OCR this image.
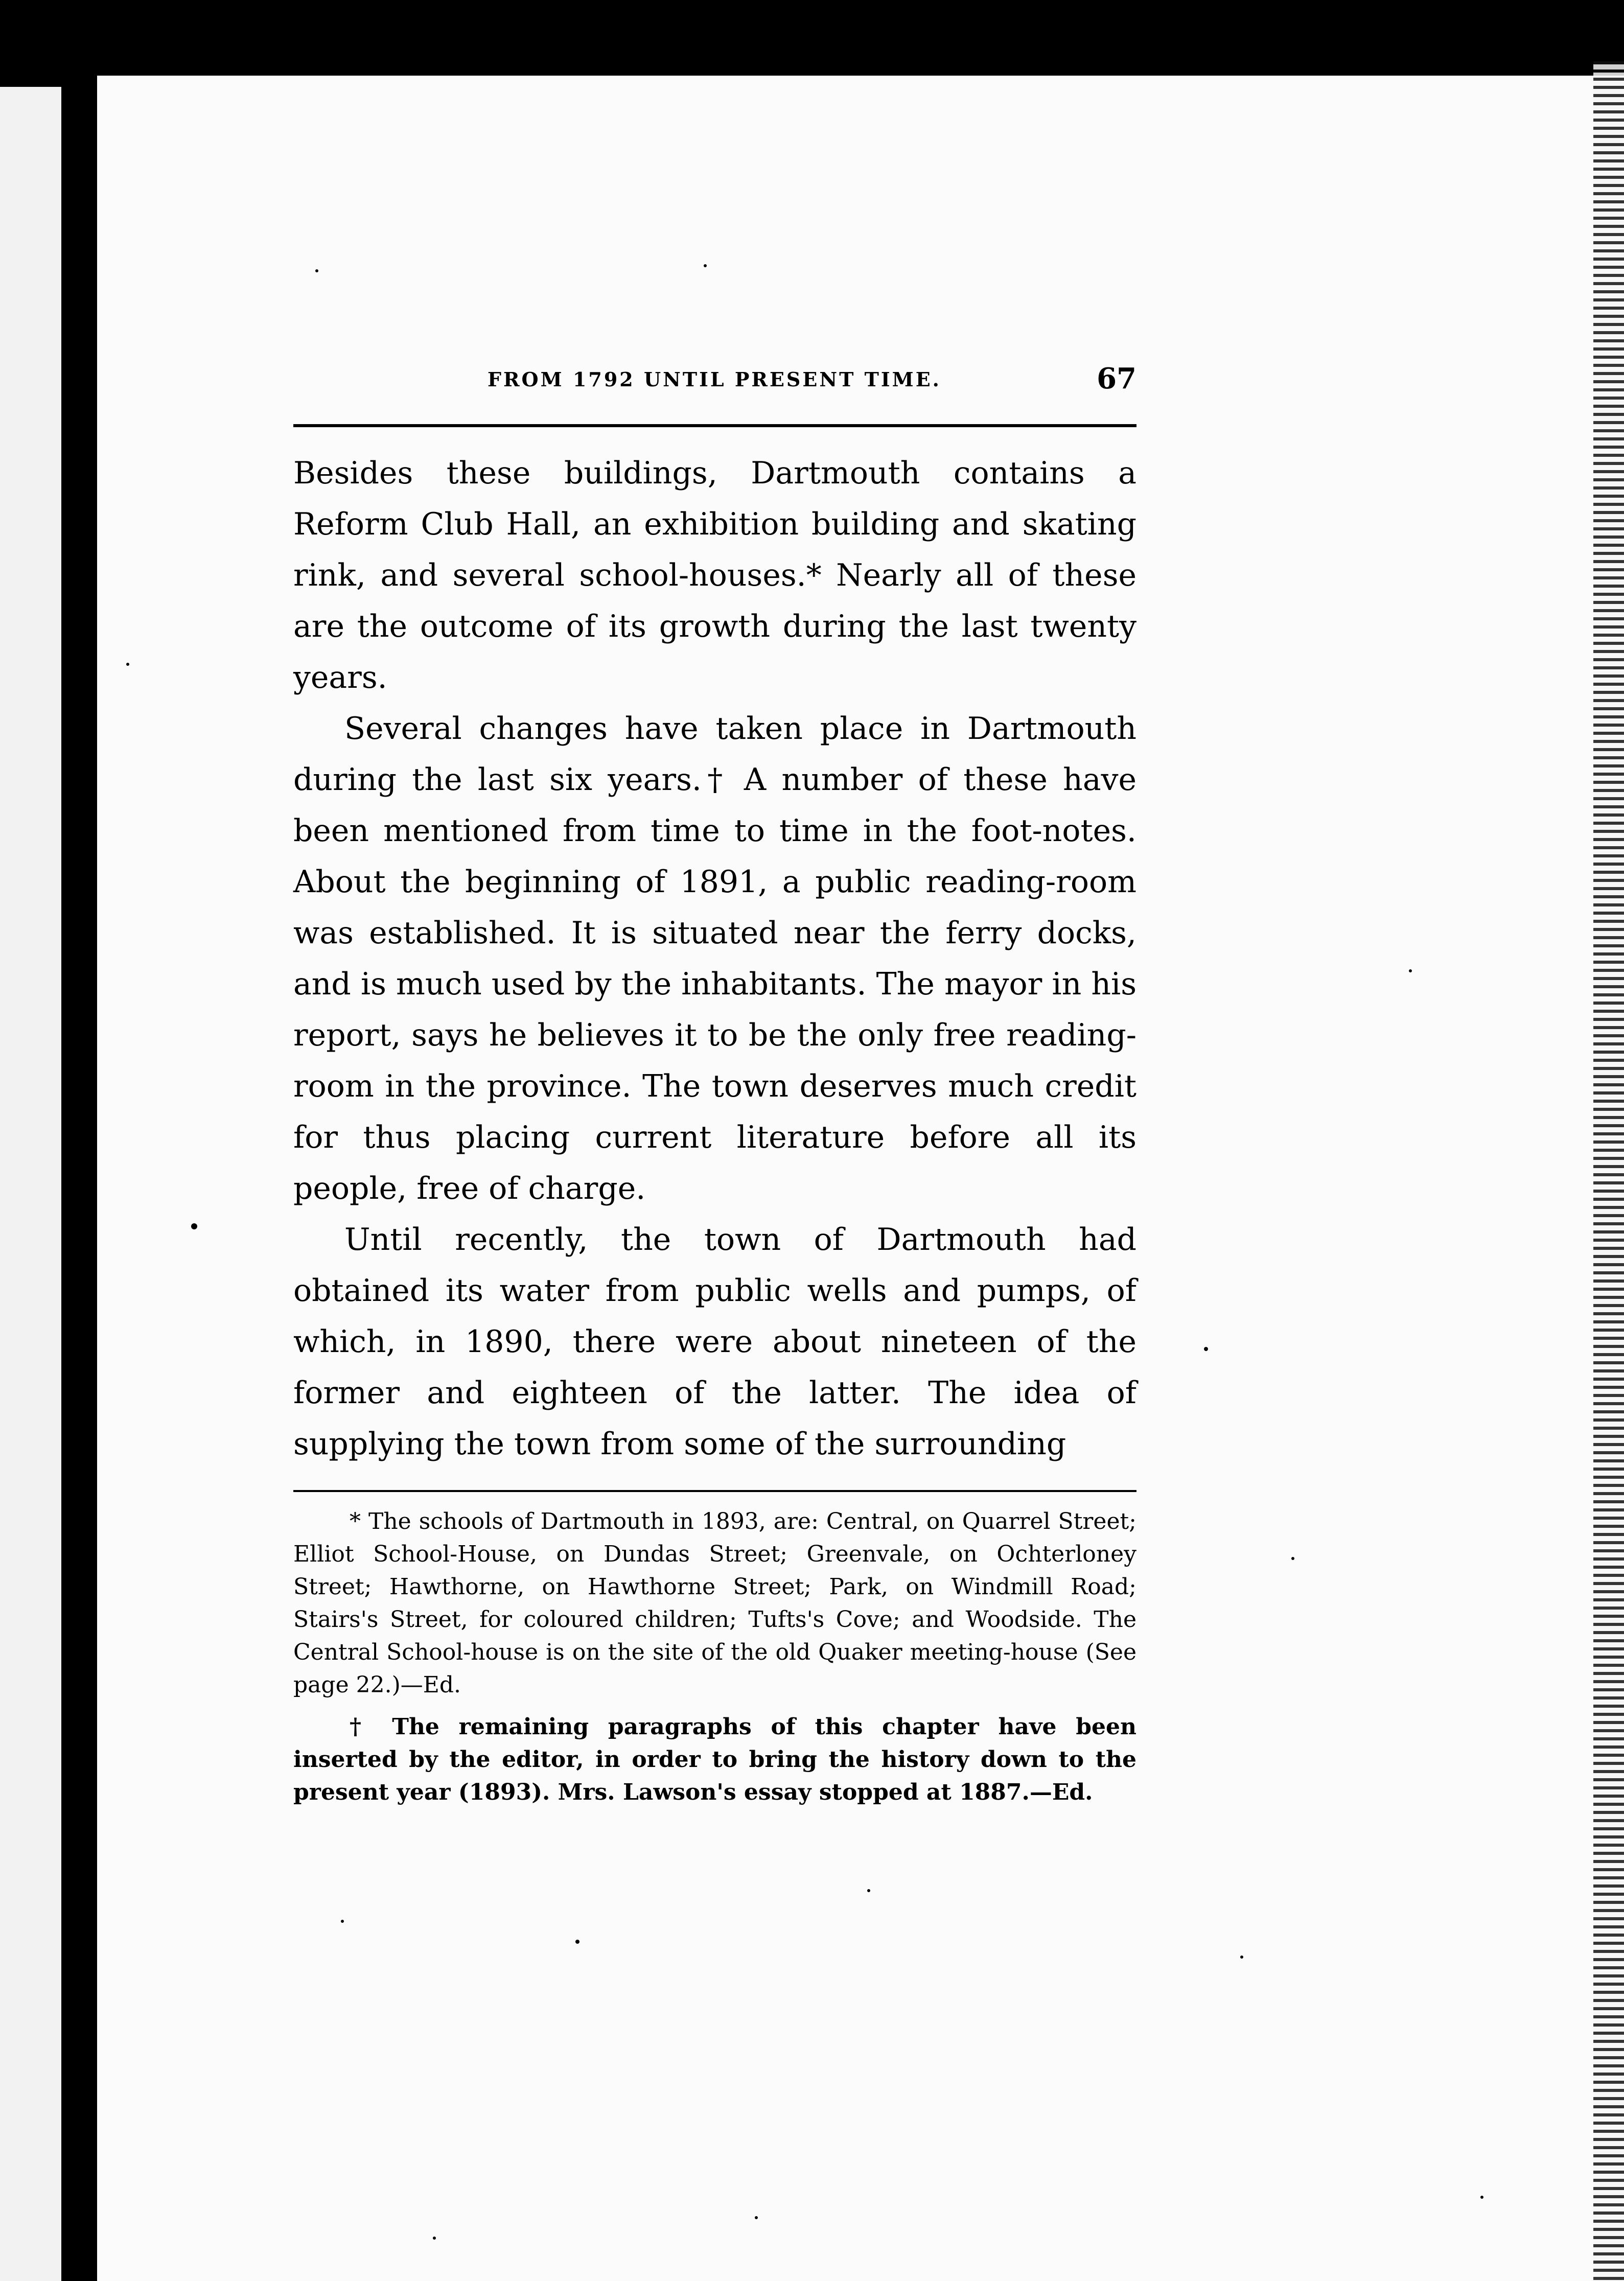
FROM 1792 UNTIL PRESENT TIME.	67

Besides these buildings, Dartmouth contains a Reform Club Hall, an exhibition building and skating rink, and several school-houses.* Nearly all of these are the outcome of its growth during the last twenty years.

Several changes have taken place in Dartmouth during the last six years.† A number of these have been mentioned from time to time in the foot-notes. About the beginning of 1891, a public reading-room was established. It is situated near the ferry docks, and is much used by the inhabitants. The mayor in his report, says he believes it to be the only free reading-room in the province. The town deserves much credit for thus placing current literature before all its people, free of charge.

Until recently, the town of Dartmouth had obtained its water from public wells and pumps, of which, in 1890, there were about nineteen of the former and eighteen of the latter. The idea of supplying the town from some of the surrounding

* The schools of Dartmouth in 1893, are: Central, on Quarrel Street; Elliot School-House, on Dundas Street; Greenvale, on Ochterloney Street; Hawthorne, on Hawthorne Street; Park, on Windmill Road; Stairs's Street, for coloured children; Tufts's Cove; and Woodside. The Central School-house is on the site of the old Quaker meeting-house (See page 22.)—Ed.

† The remaining paragraphs of this chapter have been inserted by the editor, in order to bring the history down to the present year (1893). Mrs. Lawson's essay stopped at 1887.—Ed.
